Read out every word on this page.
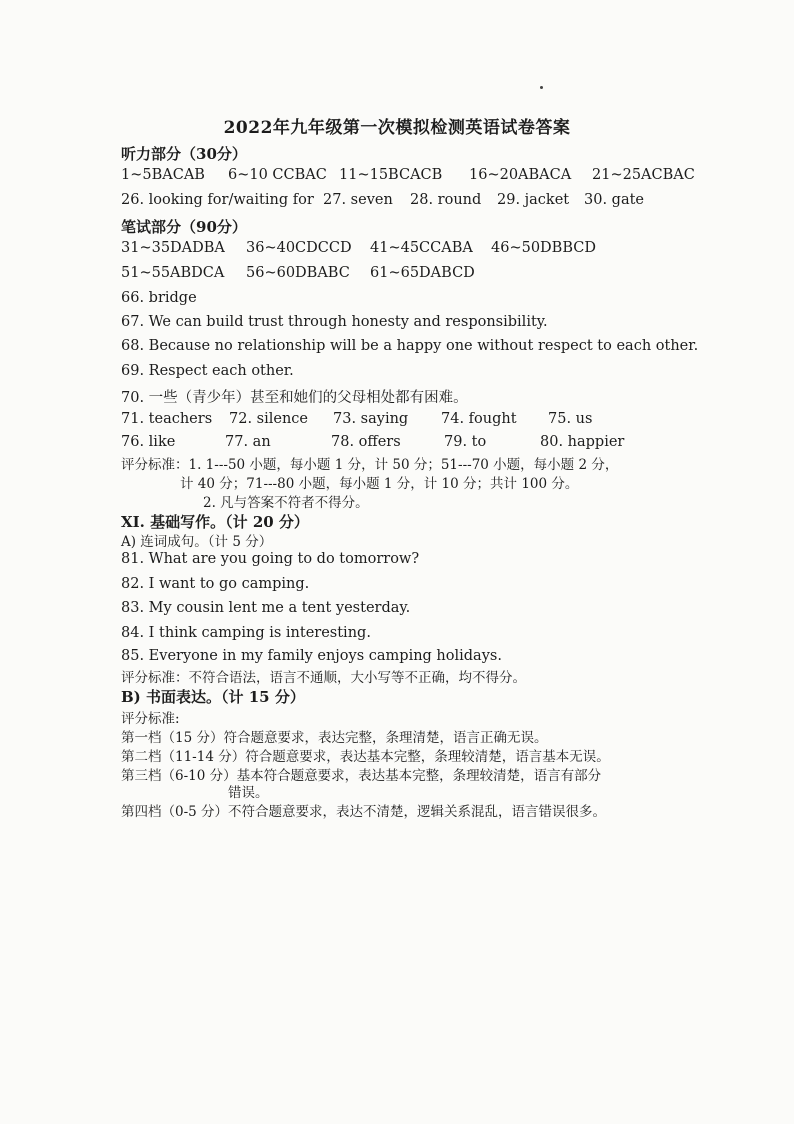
2022年九年级第一次模拟检测英语试卷答案
听力部分（30分）
1~5BACAB 6~10 CCBAC 11~15BCACB 16~20ABACA 21~25ACBAC
26. looking for/waiting for 27. seven 28. round 29. jacket 30. gate
笔试部分（90分）
31~35DADBA 36~40CDCCD 41~45CCABA 46~50DBBCD
51~55ABDCA 56~60DBABC 61~65DABCD
66. bridge
67. We can build trust through honesty and responsibility.
68. Because no relationship will be a happy one without respect to each other.
69. Respect each other.
70. 一些（青少年）甚至和她们的父母相处都有困难。
71. teachers 72. silence 73. saying 74. fought 75. us
76. like	77. an	78. offers	79. to	80. happier
评分标准：1. 1---50 小题，每小题 1 分，计 50 分；51---70 小题，每小题 2 分，
计 40 分；71---80 小题，每小题 1 分，计 10 分；共计 100 分。
2. 凡与答案不符者不得分。
XI. 基础写作。（计 20 分）
A) 连词成句。（计 5 分）
81. What are you going to do tomorrow?
82. I want to go camping.
83. My cousin lent me a tent yesterday.
84. I think camping is interesting.
85. Everyone in my family enjoys camping holidays.
评分标准：不符合语法，语言不通顺，大小写等不正确，均不得分。
B) 书面表达。（计 15 分）
评分标准:
第一档（15 分）符合题意要求，表达完整，条理清楚，语言正确无误。
第二档（11-14 分）符合题意要求，表达基本完整，条理较清楚，语言基本无误。
第三档（6-10 分）基本符合题意要求，表达基本完整，条理较清楚，语言有部分
错误。
第四档（0-5 分）不符合题意要求，表达不清楚，逻辑关系混乱，语言错误很多。
